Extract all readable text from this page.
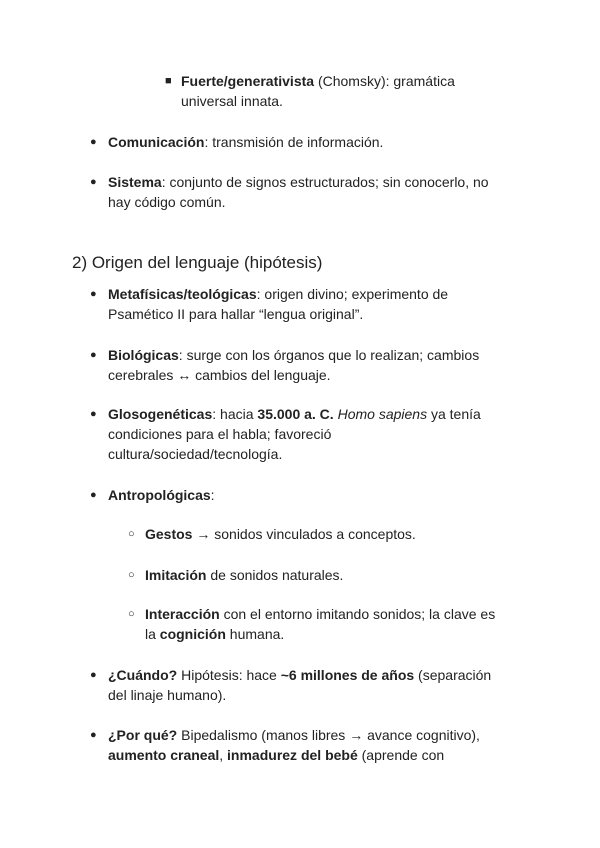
■ Fuerte/generativista (Chomsky): gramática
universal innata.
● Comunicación: transmisión de información.
● Sistema: conjunto de signos estructurados; sin conocerlo, no
hay código común.
2) Origen del lenguaje (hipótesis)
● Metafísicas/teológicas: origen divino; experimento de
Psamético II para hallar “lengua original”.
● Biológicas: surge con los órganos que lo realizan; cambios
cerebrales ↔ cambios del lenguaje.
● Glosogenéticas: hacia 35.000 a. C. Homo sapiens ya tenía
condiciones para el habla; favoreció
cultura/sociedad/tecnología.
● Antropológicas:
○ Gestos → sonidos vinculados a conceptos.
○ Imitación de sonidos naturales.
○ Interacción con el entorno imitando sonidos; la clave es
la cognición humana.
● ¿Cuándo? Hipótesis: hace ~6 millones de años (separación
del linaje humano).
● ¿Por qué? Bipedalismo (manos libres → avance cognitivo),
aumento craneal, inmadurez del bebé (aprende con
